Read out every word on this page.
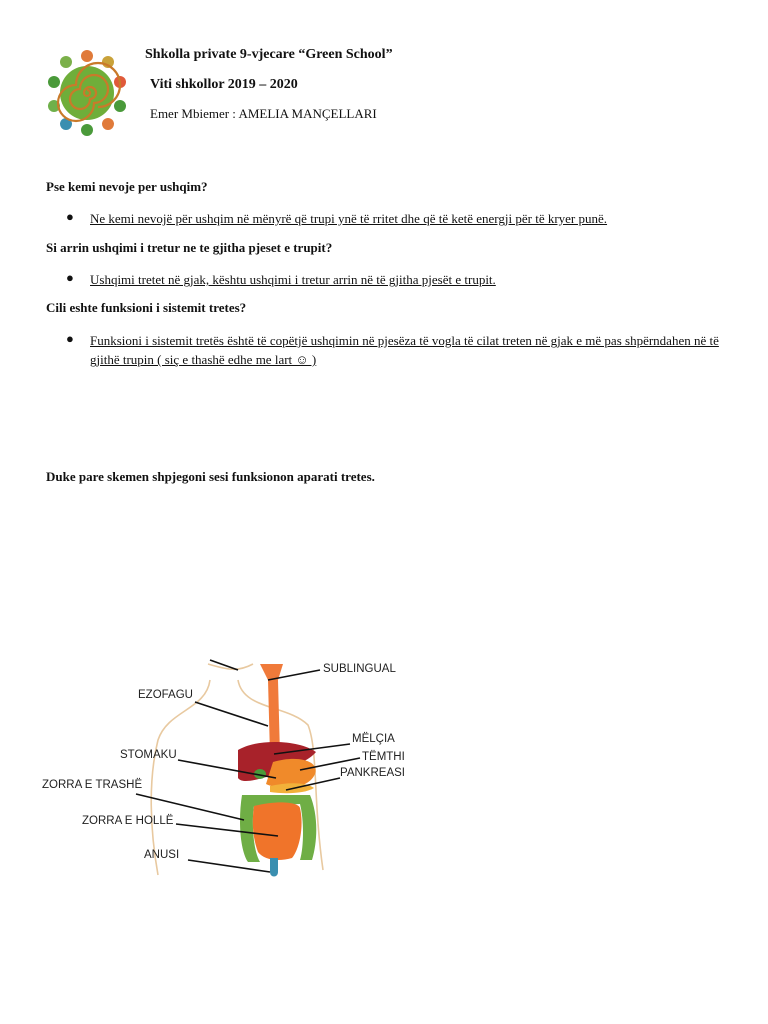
Shkolla private 9-vjecare “Green School”
Viti shkollor 2019 – 2020
Emer Mbiemer : AMELIA MANÇELLARI
Pse kemi nevoje per ushqim?
● Ne kemi nevojë për ushqim në mënyrë që trupi ynë të rritet dhe që të ketë energji për të kryer punë.
Si arrin ushqimi i tretur ne te gjitha pjeset e trupit?
● Ushqimi tretet në gjak, kështu ushqimi i tretur arrin në të gjitha pjesët e trupit.
Cili eshte funksioni i sistemit tretes?
● Funksioni i sistemit tretës është të copëtjë ushqimin në pjesëza të vogla të cilat treten në gjak e më pas shpërndahen në të gjithë trupin ( siç e thashë edhe me lart ☺ )
Duke pare skemen shpjegoni sesi funksionon aparati tretes.
SUBLINGUAL
EZOFAGU
MËLÇIA
STOMAKU	TËMTHI
PANKREASI
ZORRA E TRASHË
ZORRA E HOLLË
ANUSI
